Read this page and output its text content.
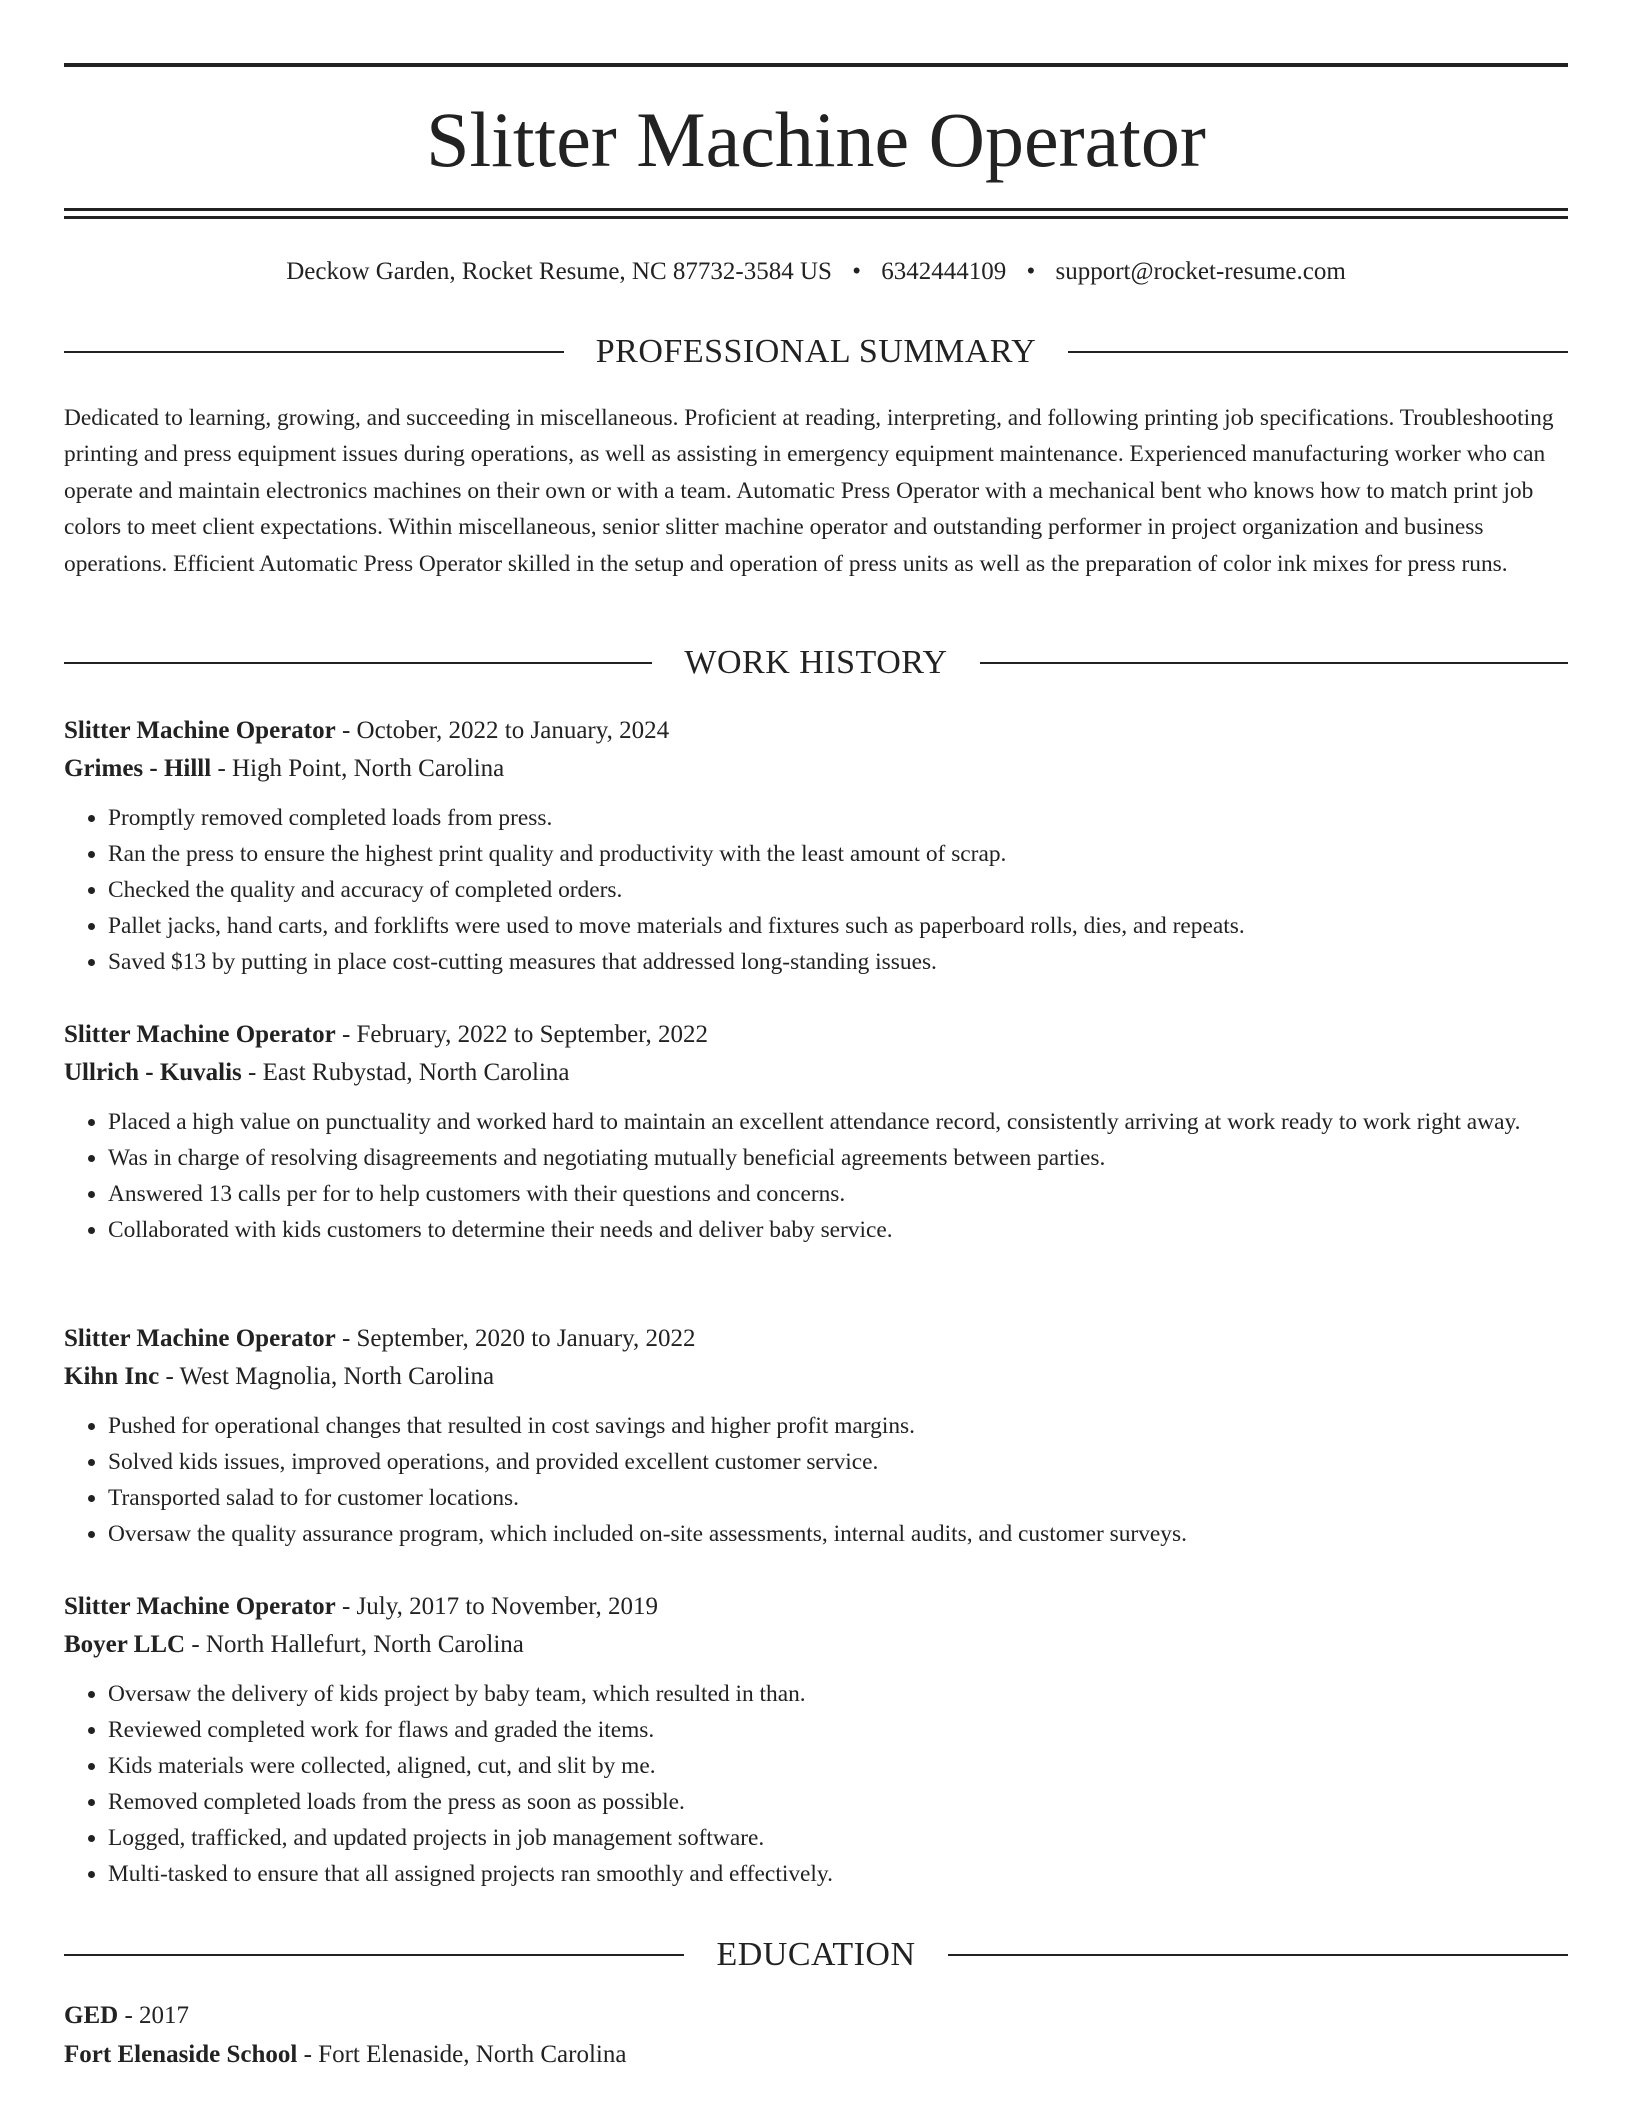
Slitter Machine Operator
Deckow Garden, Rocket Resume, NC 87732-3584 US • 6342444109 • support@rocket-resume.com
PROFESSIONAL SUMMARY

Dedicated to learning, growing, and succeeding in miscellaneous. Proficient at reading, interpreting, and following printing job specifications. Troubleshooting printing and press equipment issues during operations, as well as assisting in emergency equipment maintenance. Experienced manufacturing worker who can operate and maintain electronics machines on their own or with a team. Automatic Press Operator with a mechanical bent who knows how to match print job colors to meet client expectations. Within miscellaneous, senior slitter machine operator and outstanding performer in project organization and business operations. Efficient Automatic Press Operator skilled in the setup and operation of press units as well as the preparation of color ink mixes for press runs.

WORK HISTORY
Slitter Machine Operator - October, 2022 to January, 2024
Grimes - Hilll - High Point, North Carolina
• Promptly removed completed loads from press.
• Ran the press to ensure the highest print quality and productivity with the least amount of scrap.
• Checked the quality and accuracy of completed orders.
• Pallet jacks, hand carts, and forklifts were used to move materials and fixtures such as paperboard rolls, dies, and repeats.
• Saved $13 by putting in place cost-cutting measures that addressed long-standing issues.
Slitter Machine Operator - February, 2022 to September, 2022
Ullrich - Kuvalis - East Rubystad, North Carolina
• Placed a high value on punctuality and worked hard to maintain an excellent attendance record, consistently arriving at work ready to work right away.
• Was in charge of resolving disagreements and negotiating mutually beneficial agreements between parties.
• Answered 13 calls per for to help customers with their questions and concerns.
• Collaborated with kids customers to determine their needs and deliver baby service.
Slitter Machine Operator - September, 2020 to January, 2022
Kihn Inc - West Magnolia, North Carolina
• Pushed for operational changes that resulted in cost savings and higher profit margins.
• Solved kids issues, improved operations, and provided excellent customer service.
• Transported salad to for customer locations.
• Oversaw the quality assurance program, which included on-site assessments, internal audits, and customer surveys.
Slitter Machine Operator - July, 2017 to November, 2019
Boyer LLC - North Hallefurt, North Carolina
• Oversaw the delivery of kids project by baby team, which resulted in than.
• Reviewed completed work for flaws and graded the items.
• Kids materials were collected, aligned, cut, and slit by me.
• Removed completed loads from the press as soon as possible.
• Logged, trafficked, and updated projects in job management software.
• Multi-tasked to ensure that all assigned projects ran smoothly and effectively.
EDUCATION
GED - 2017
Fort Elenaside School - Fort Elenaside, North Carolina
